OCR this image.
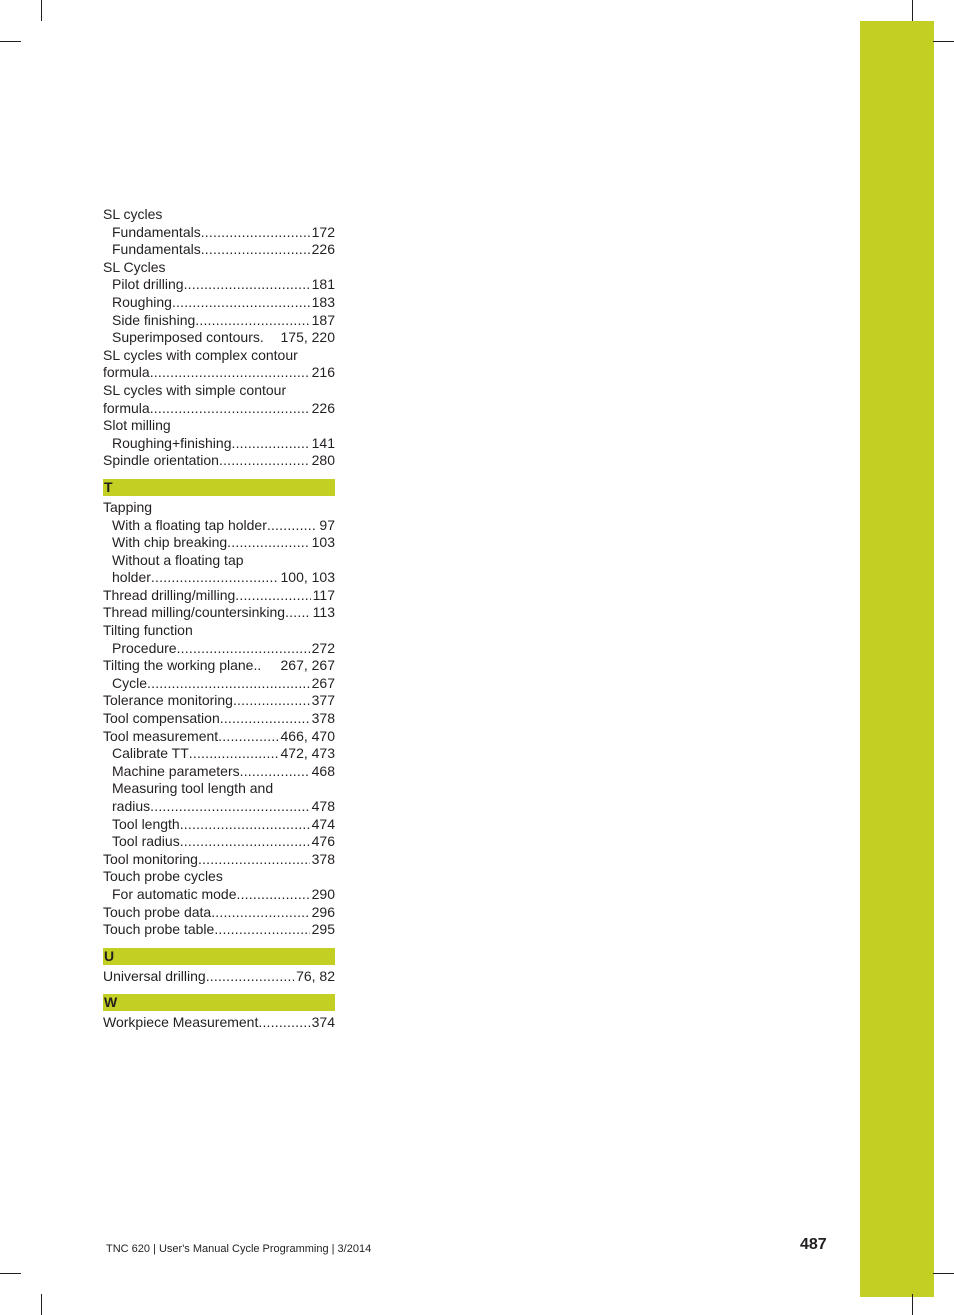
SL cycles
Fundamentals .....	172
Fundamentals .....	226
SL Cycles
Pilot drilling .....	181
Roughing .....	183
Side finishing .....	187
Superimposed contours. 175, 220
SL cycles with complex contour
formula .....	216
SL cycles with simple contour
formula .....	226
Slot milling
Roughing+finishing .....	141
Spindle orientation .....	280
T
Tapping
With a floating tap holder .....	97
With chip breaking .....	103
Without a floating tap
holder .....	100, 103
Thread drilling/milling .....	117
Thread milling/countersinking ..... 113
Tilting function
Procedure .....	272
Tilting the working plane.. 267, 267
Cycle .....	267
Tolerance monitoring .....	377
Tool compensation .....	378
Tool measurement .....	466, 470
Calibrate TT .....	472, 473
Machine parameters .....	468
Measuring tool length and
radius .....	478
Tool length .....	474
Tool radius .....	476
Tool monitoring .....	378
Touch probe cycles
For automatic mode .....	290
Touch probe data .....	296
Touch probe table .....	295
U
Universal drilling .....	76, 82
W
Workpiece Measurement .....	374
TNC 620 | User's Manual Cycle Programming | 3/2014	487
